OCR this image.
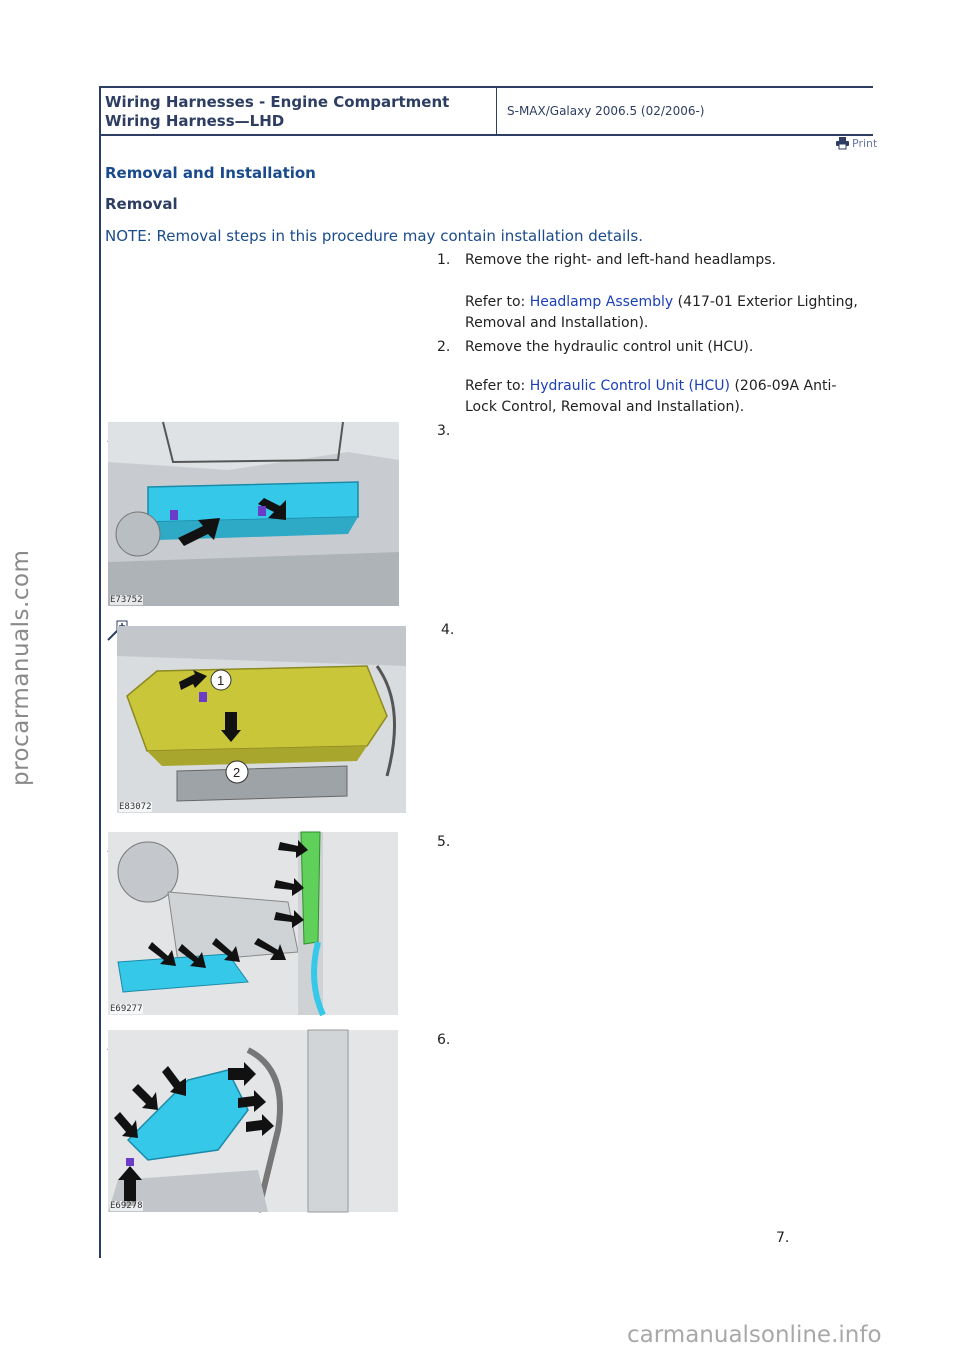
Wiring Harnesses - Engine Compartment
Wiring Harness—LHD
S-MAX/Galaxy 2006.5 (02/2006-)
Print
Removal and Installation
Removal
NOTE: Removal steps in this procedure may contain installation details.
1. Remove the right- and left-hand headlamps.
Refer to: Headlamp Assembly (417-01 Exterior Lighting, Removal and Installation).
2. Remove the hydraulic control unit (HCU).
Refer to: Hydraulic Control Unit (HCU) (206-09A Anti-Lock Control, Removal and Installation).
3.
E73752
4.
1
2
E83072
5.
E69277
6.
E69278
7.
procarmanuals.com
carmanualsonline.info
